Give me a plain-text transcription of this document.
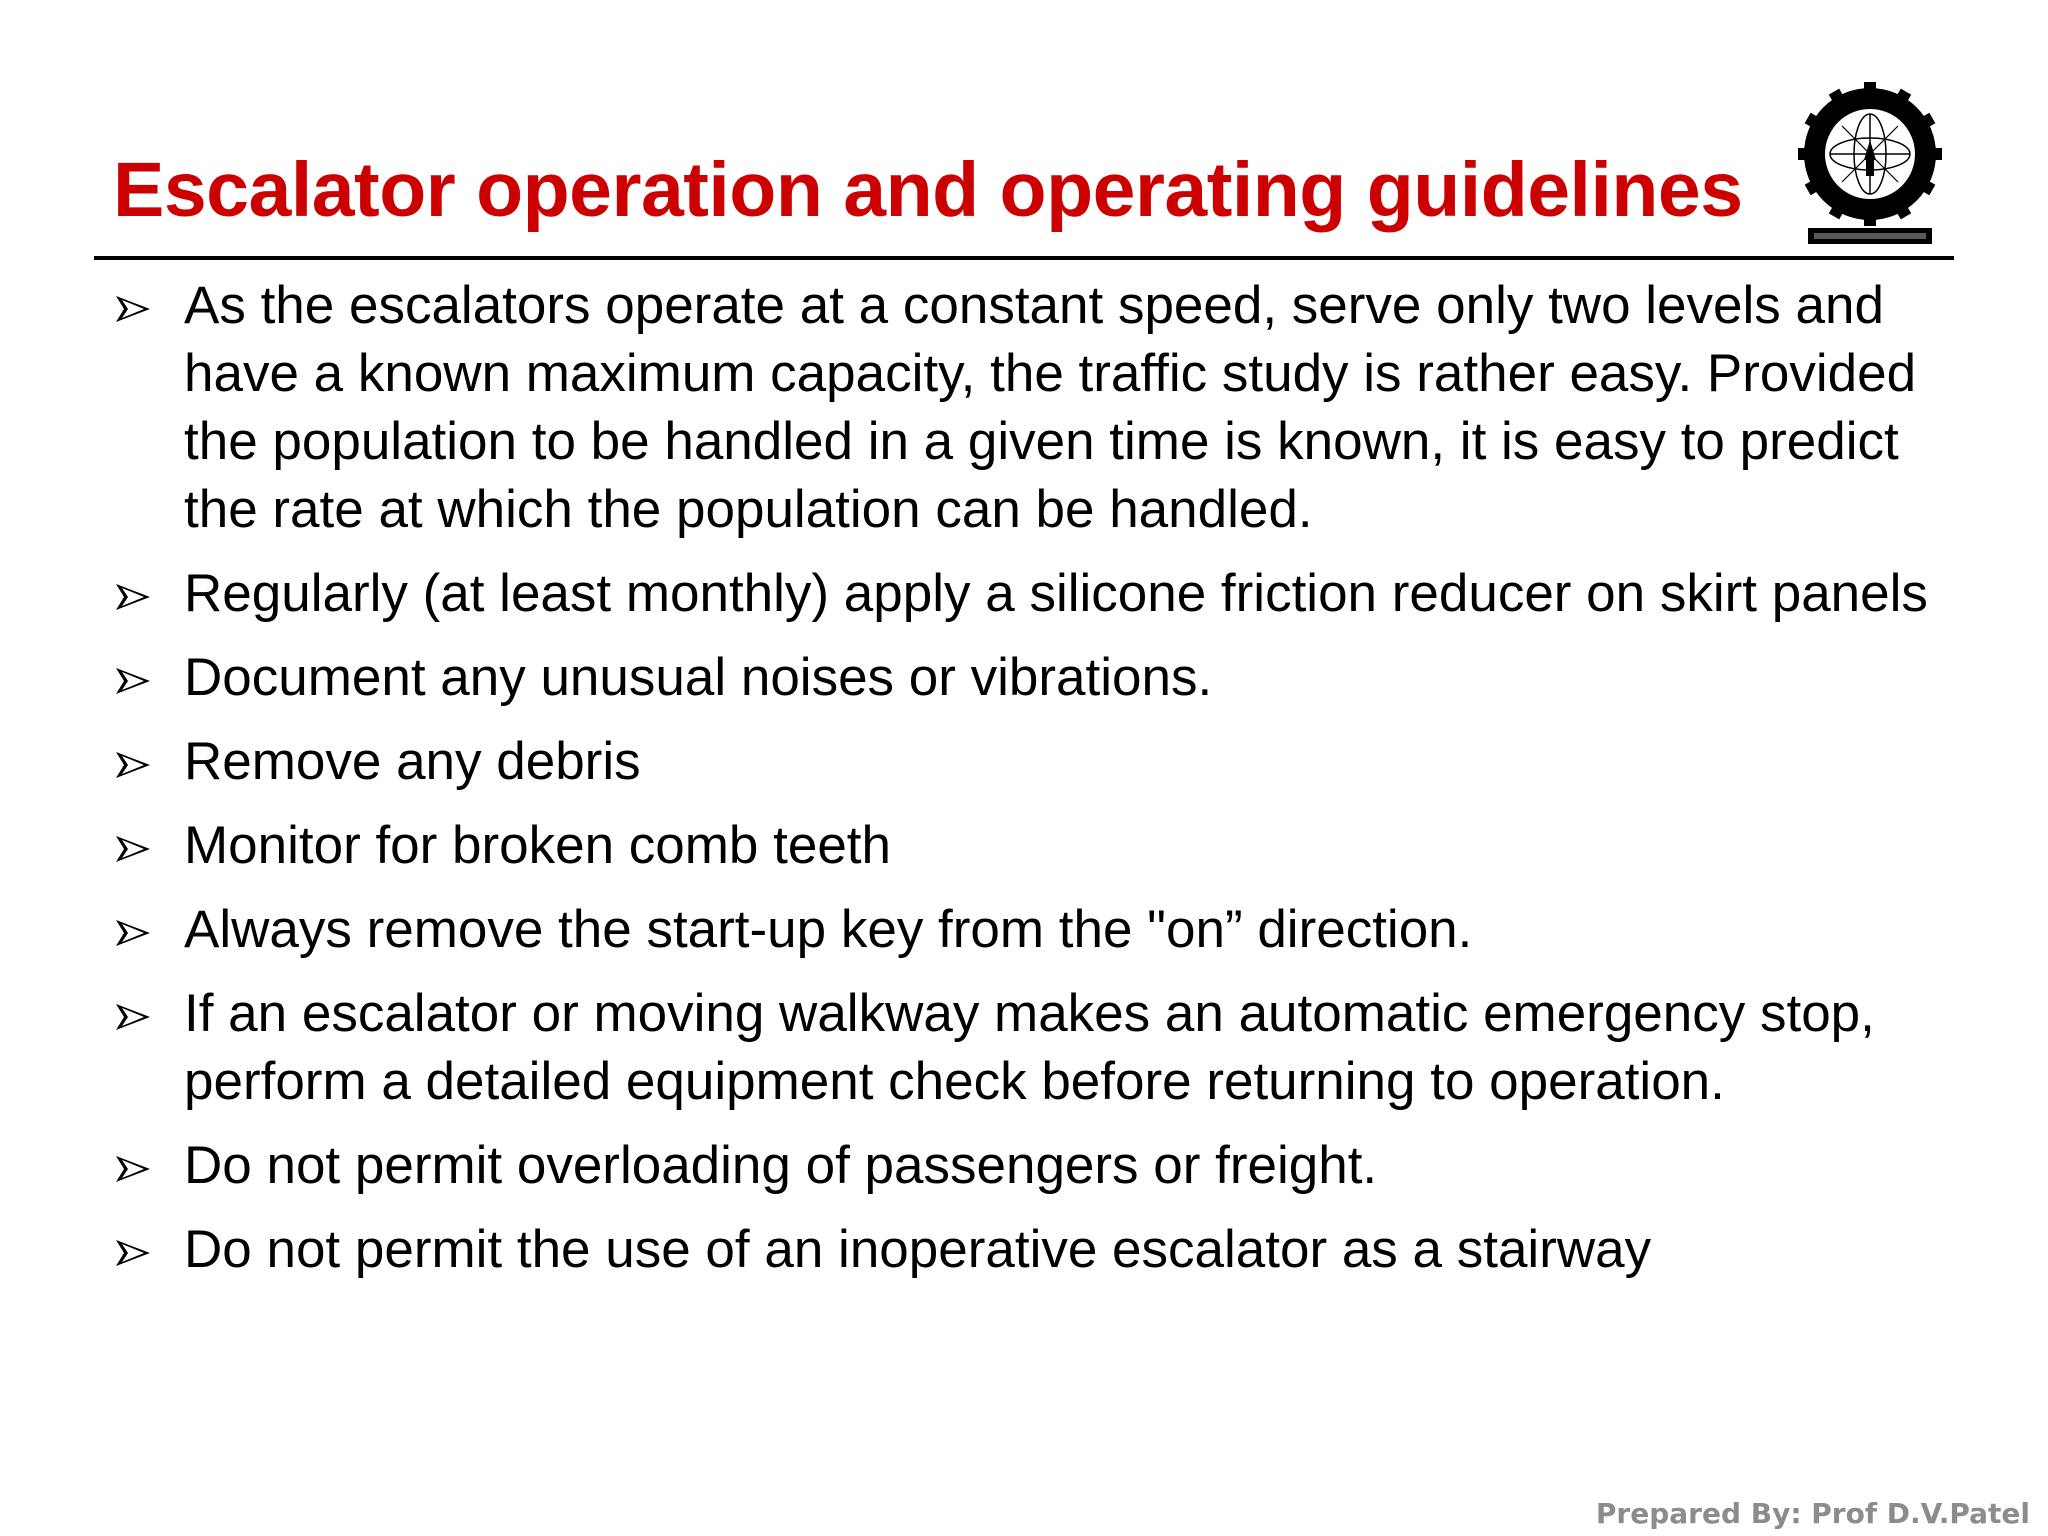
Escalator operation and operating guidelines
As the escalators operate at a constant speed, serve only two levels and have a known maximum capacity, the traffic study is rather easy. Provided the population to be handled in a given time is known, it is easy to predict the rate at which the population can be handled.
Regularly (at least monthly) apply a silicone friction reducer on skirt panels
Document any unusual noises or vibrations.
Remove any debris
Monitor for broken comb teeth
Always remove the start-up key from the "on” direction.
If an escalator or moving walkway makes an automatic emergency stop, perform a detailed equipment check before returning to operation.
Do not permit overloading of passengers or freight.
Do not permit the use of an inoperative escalator as a stairway
Prepared By: Prof D.V.Patel
